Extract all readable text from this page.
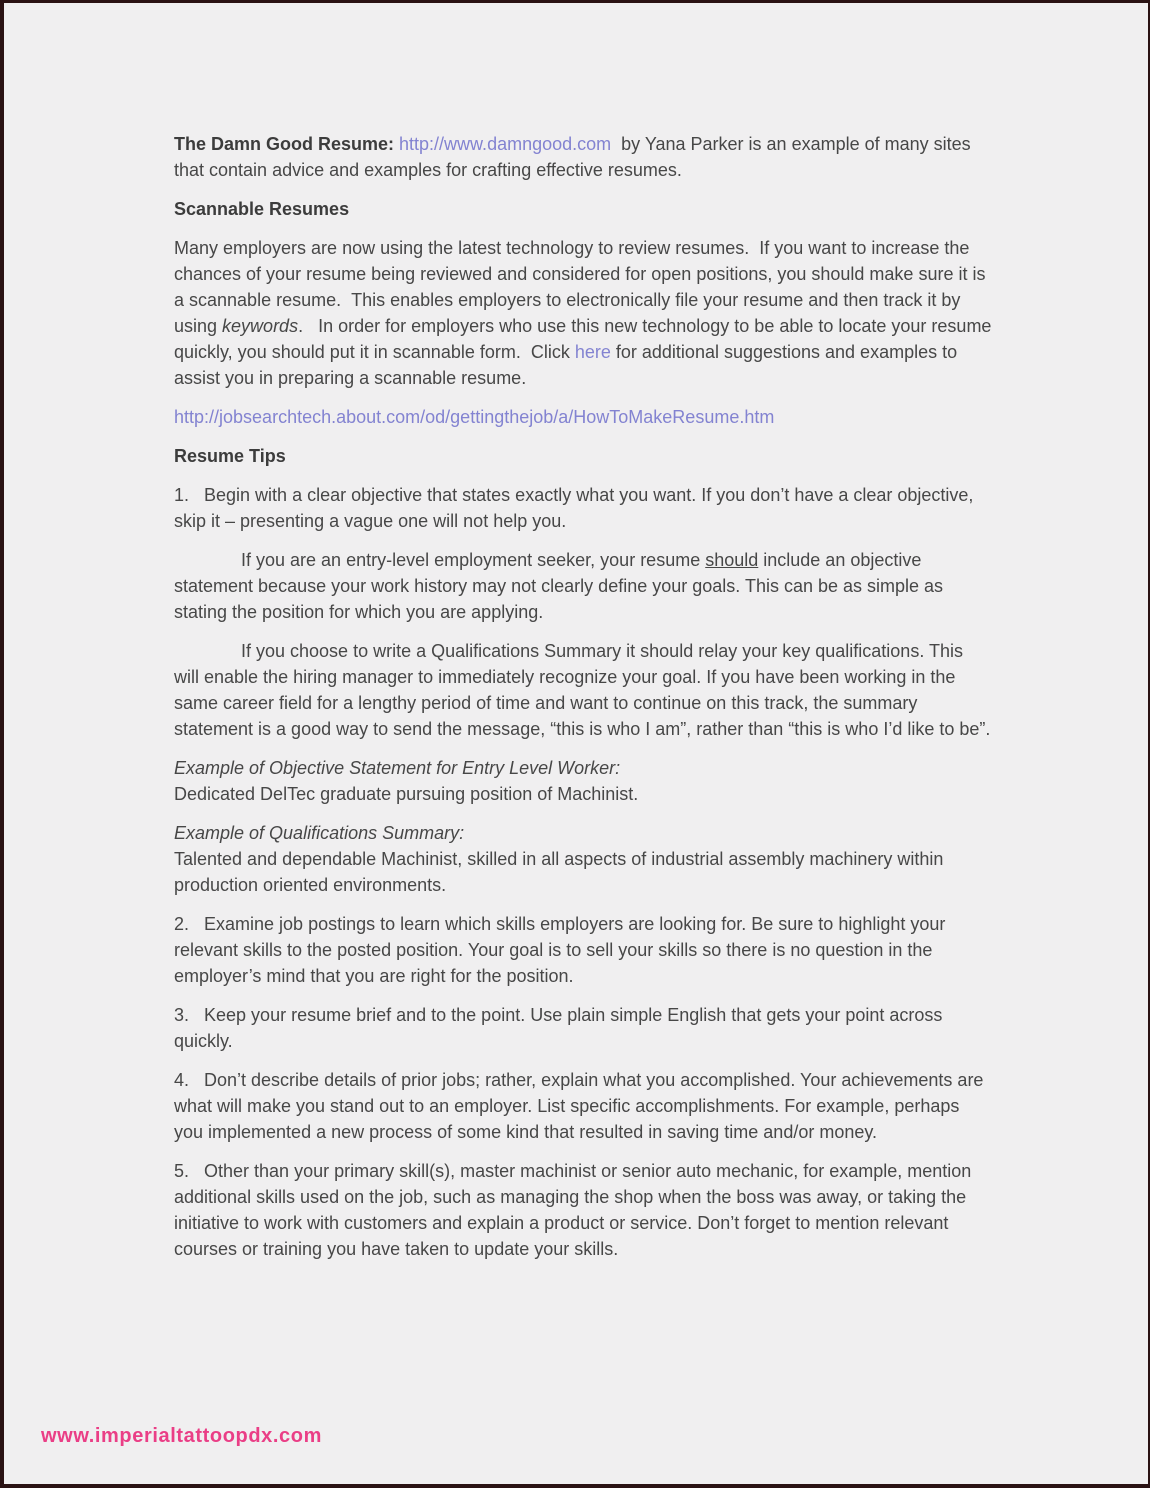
The Damn Good Resume: http://www.damngood.com  by Yana Parker is an example of many sites that contain advice and examples for crafting effective resumes.

Scannable Resumes

Many employers are now using the latest technology to review resumes.  If you want to increase the chances of your resume being reviewed and considered for open positions, you should make sure it is a scannable resume.  This enables employers to electronically file your resume and then track it by using keywords.   In order for employers who use this new technology to be able to locate your resume quickly, you should put it in scannable form.  Click here for additional suggestions and examples to assist you in preparing a scannable resume.

http://jobsearchtech.about.com/od/gettingthejob/a/HowToMakeResume.htm

Resume Tips

1.   Begin with a clear objective that states exactly what you want. If you don’t have a clear objective, skip it – presenting a vague one will not help you.

If you are an entry-level employment seeker, your resume should include an objective statement because your work history may not clearly define your goals. This can be as simple as stating the position for which you are applying.

If you choose to write a Qualifications Summary it should relay your key qualifications. This will enable the hiring manager to immediately recognize your goal. If you have been working in the same career field for a lengthy period of time and want to continue on this track, the summary statement is a good way to send the message, “this is who I am”, rather than “this is who I’d like to be”.

Example of Objective Statement for Entry Level Worker:
Dedicated DelTec graduate pursuing position of Machinist.

Example of Qualifications Summary:
Talented and dependable Machinist, skilled in all aspects of industrial assembly machinery within production oriented environments.

2.   Examine job postings to learn which skills employers are looking for. Be sure to highlight your relevant skills to the posted position. Your goal is to sell your skills so there is no question in the employer’s mind that you are right for the position.

3.   Keep your resume brief and to the point. Use plain simple English that gets your point across quickly.

4.   Don’t describe details of prior jobs; rather, explain what you accomplished. Your achievements are what will make you stand out to an employer. List specific accomplishments. For example, perhaps you implemented a new process of some kind that resulted in saving time and/or money.

5.   Other than your primary skill(s), master machinist or senior auto mechanic, for example, mention additional skills used on the job, such as managing the shop when the boss was away, or taking the initiative to work with customers and explain a product or service. Don’t forget to mention relevant courses or training you have taken to update your skills.

www.imperialtattoopdx.com
